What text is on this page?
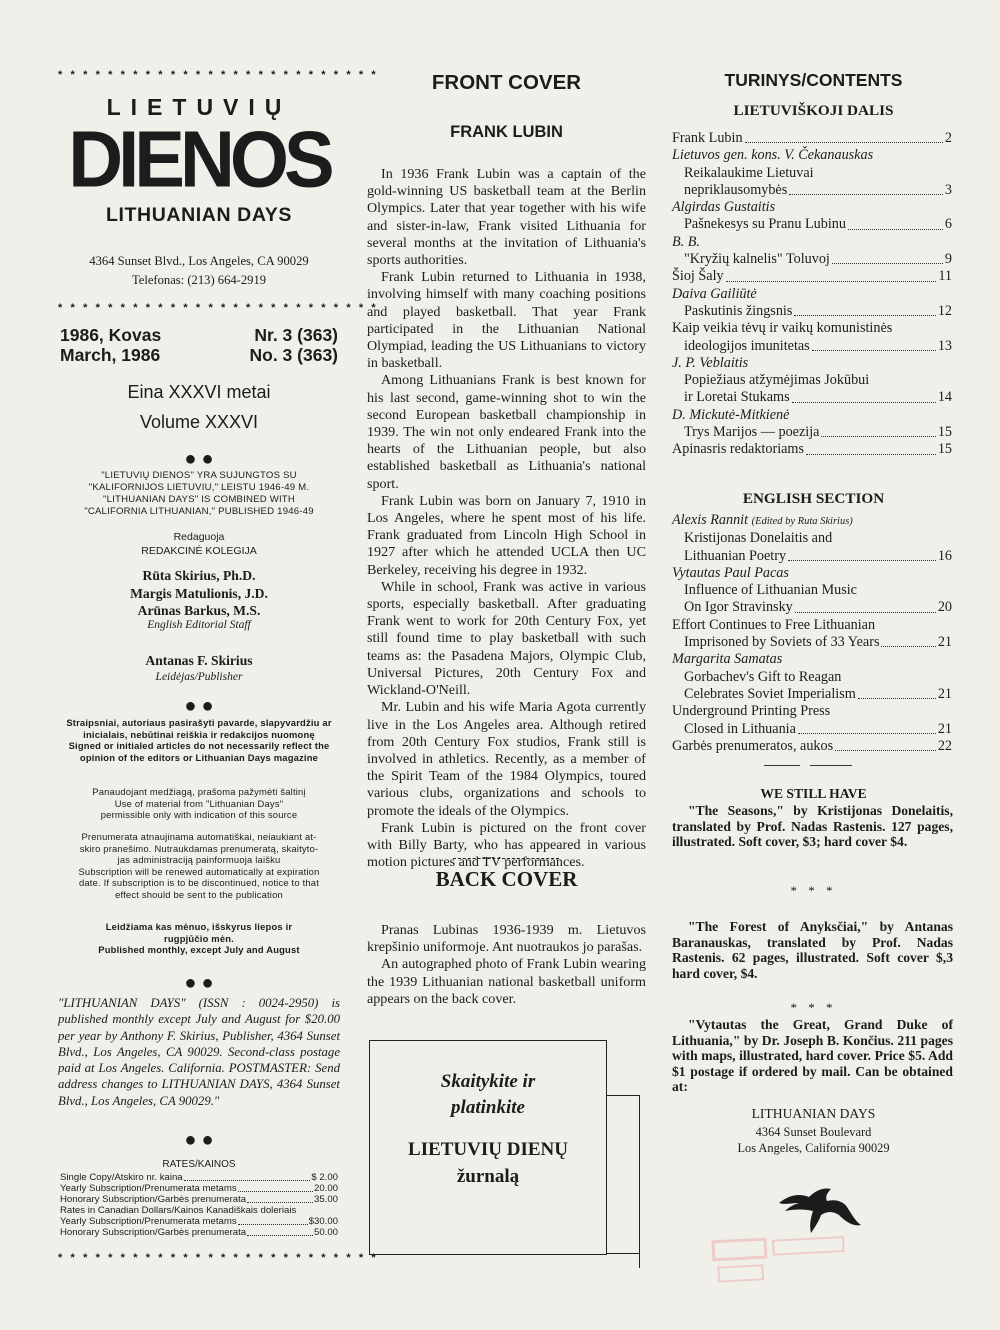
* * * * * * * * * * * * * * * * * * * * * * * * * *
LIETUVIŲ
DIENOS
LITHUANIAN DAYS
4364 Sunset Blvd., Los Angeles, CA 90029
Telefonas: (213) 664-2919
* * * * * * * * * * * * * * * * * * * * * * * * * *
1986, Kovas	Nr. 3 (363)
March, 1986	No. 3 (363)
Eina XXXVI metai
Volume XXXVI
● ●
"LIETUVIŲ DIENOS" YRA SUJUNGTOS SU
"KALIFORNIJOS LIETUVIU," LEISTU 1946-49 M.
"LITHUANIAN DAYS" IS COMBINED WITH
"CALIFORNIA LITHUANIAN," PUBLISHED 1946-49
Redaguoja
REDAKCINĖ KOLEGIJA
Rūta Skirius, Ph.D.
Margis Matulionis, J.D.
Arūnas Barkus, M.S.
English Editorial Staff
Antanas F. Skirius
Leidėjas/Publisher
● ●
Straipsniai, autoriaus pasirašyti pavarde, slapyvardžiu ar
inicialais, nebūtinai reiškia ir redakcijos nuomonę
Signed or initialed articles do not necessarily reflect the
opinion of the editors or Lithuanian Days magazine
Panaudojant medžiagą, prašoma pažymėti šaltinį
Use of material from "Lithuanian Days"
permissible only with indication of this source
Prenumerata atnaujinama automatiškai, neiaukiant at-
skiro pranešimo. Nutraukdamas prenumeratą, skaityto-
jas administraciją painformuoja laišku
Subscription will be renewed automatically at expiration
date. If subscription is to be discontinued, notice to that
effect should be sent to the publication
Leidžiama kas mėnuo, išskyrus liepos ir
rugpjūčio mėn.
Published monthly, except July and August
● ●
"LITHUANIAN DAYS" (ISSN : 0024-2950) is published monthly except July and August for $20.00 per year by Anthony F. Skirius, Publisher, 4364 Sunset Blvd., Los Angeles, CA 90029. Second-class postage paid at Los Angeles. California. POSTMASTER: Send address changes to LITHUANIAN DAYS, 4364 Sunset Blvd., Los Angeles, CA 90029."
● ●
RATES/KAINOS
Single Copy/Atskiro nr. kaina	$ 2.00
Yearly Subscription/Prenumerata metams	20.00
Honorary Subscription/Garbės prenumerata	35.00
Rates in Canadian Dollars/Kainos Kanadiškais doleriais
Yearly Subscription/Prenumerata metams	$30.00
Honorary Subscription/Garbės prenumerata	50.00
* * * * * * * * * * * * * * * * * * * * * * * * * *
FRONT COVER
FRANK LUBIN

In 1936 Frank Lubin was a captain of the gold-winning US basketball team at the Berlin Olympics. Later that year together with his wife and sister-in-law, Frank visited Lithuania for several months at the invitation of Lithuania's sports authorities.

Frank Lubin returned to Lithuania in 1938, involving himself with many coaching positions and played basketball. That year Frank participated in the Lithuanian National Olympiad, leading the US Lithuanians to victory in basketball.

Among Lithuanians Frank is best known for his last second, game-winning shot to win the second European basketball championship in 1939. The win not only endeared Frank into the hearts of the Lithuanian people, but also established basketball as Lithuania's national sport.

Frank Lubin was born on January 7, 1910 in Los Angeles, where he spent most of his life. Frank graduated from Lincoln High School in 1927 after which he attended UCLA then UC Berkeley, receiving his degree in 1932.

While in school, Frank was active in various sports, especially basketball. After graduating Frank went to work for 20th Century Fox, yet still found time to play basketball with such teams as: the Pasadena Majors, Olympic Club, Universal Pictures, 20th Century Fox and Wickland-O'Neill.

Mr. Lubin and his wife Maria Agota currently live in the Los Angeles area. Although retired from 20th Century Fox studios, Frank still is involved in athletics. Recently, as a member of the Spirit Team of the 1984 Olympics, toured various clubs, organizations and schools to promote the ideals of the Olympics.

Frank Lubin is pictured on the front cover with Billy Barty, who has appeared in various motion pictures and TV performances.

BACK COVER

Pranas Lubinas 1936-1939 m. Lietuvos krepšinio uniformoje. Ant nuotraukos jo parašas.

An autographed photo of Frank Lubin wearing the 1939 Lithuanian national basketball uniform appears on the back cover.

Skaitykite ir
platinkite
LIETUVIŲ DIENŲ
žurnalą
TURINYS/CONTENTS
LIETUVIŠKOJI DALIS
Frank Lubin	2
Lietuvos gen. kons. V. Čekanauskas
Reikalaukime Lietuvai
nepriklausomybės	3
Algirdas Gustaitis
Pašnekesys su Pranu Lubinu	6
B. B.
"Kryžių kalnelis" Toluvoj	9
Šioj Šaly	11
Daiva Gailiūtė
Paskutinis žingsnis	12
Kaip veikia tėvų ir vaikų komunistinės
ideologijos imunitetas	13
J. P. Veblaitis
Popiežiaus atžymėjimas Jokūbui
ir Loretai Stukams	14
D. Mickutė-Mitkienė
Trys Marijos — poezija	15
Apinasris redaktoriams	15
ENGLISH SECTION
Alexis Rannit (Edited by Ruta Skirius)
Kristijonas Donelaitis and
Lithuanian Poetry	16
Vytautas Paul Pacas
Influence of Lithuanian Music
On Igor Stravinsky	20
Effort Continues to Free Lithuanian
Imprisoned by Soviets of 33 Years	21
Margarita Samatas
Gorbachev's Gift to Reagan
Celebrates Soviet Imperialism	21
Underground Printing Press
Closed in Lithuania	21
Garbės prenumeratos, aukos	22
WE STILL HAVE
"The Seasons," by Kristijonas Donelaitis, translated by Prof. Nadas Rastenis. 127 pages, illustrated. Soft cover, $3; hard cover $4.
* * *
"The Forest of Anyksčiai," by Antanas Baranauskas, translated by Prof. Nadas Rastenis. 62 pages, illustrated. Soft cover $,3 hard cover, $4.
* * *
"Vytautas the Great, Grand Duke of Lithuania," by Dr. Joseph B. Končius. 211 pages with maps, illustrated, hard cover. Price $5. Add $1 postage if ordered by mail. Can be obtained at:
LITHUANIAN DAYS
4364 Sunset Boulevard
Los Angeles, California 90029
